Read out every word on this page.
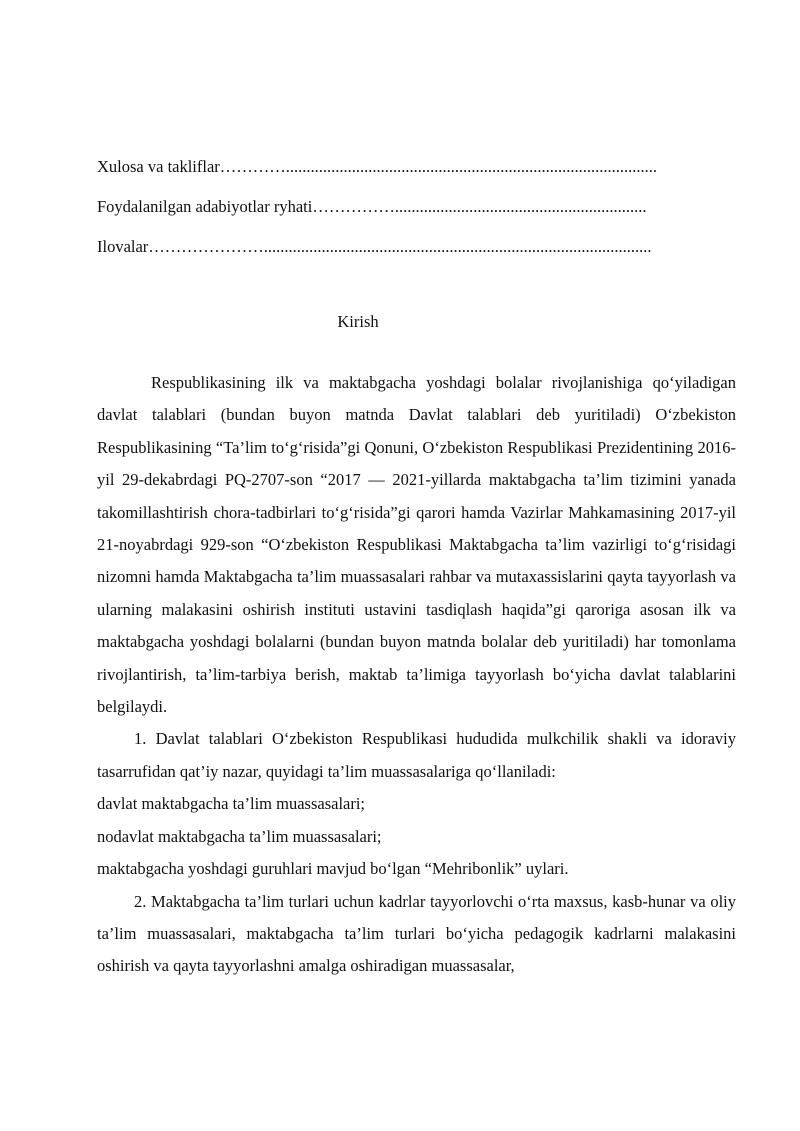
Xulosa va takliflar…………..........................................................................................
Foydalanilgan adabiyotlar ryhati…………….............................................................
Ilovalar…………………..............................................................................................
Kirish

Respublikasining ilk va maktabgacha yoshdagi bolalar rivojlanishiga qo‘yiladigan davlat talablari (bundan buyon matnda Davlat talablari deb yuritiladi) O‘zbekiston Respublikasining “Ta’lim to‘g‘risida”gi Qonuni, O‘zbekiston Respublikasi Prezidentining 2016-yil 29-dekabrdagi PQ-2707-son “2017 — 2021-yillarda maktabgacha ta’lim tizimini yanada takomillashtirish chora-tadbirlari to‘g‘risida”gi qarori hamda Vazirlar Mahkamasining 2017-yil 21-noyabrdagi 929-son “O‘zbekiston Respublikasi Maktabgacha ta’lim vazirligi to‘g‘risidagi nizomni hamda Maktabgacha ta’lim muassasalari rahbar va mutaxassislarini qayta tayyorlash va ularning malakasini oshirish instituti ustavini tasdiqlash haqida”gi qaroriga asosan ilk va maktabgacha yoshdagi bolalarni (bundan buyon matnda bolalar deb yuritiladi) har tomonlama rivojlantirish, ta’lim-tarbiya berish, maktab ta’limiga tayyorlash bo‘yicha davlat talablarini belgilaydi.

1. Davlat talablari O‘zbekiston Respublikasi hududida mulkchilik shakli va idoraviy tasarrufidan qat’iy nazar, quyidagi ta’lim muassasalariga qo‘llaniladi:

davlat maktabgacha ta’lim muassasalari;

nodavlat maktabgacha ta’lim muassasalari;

maktabgacha yoshdagi guruhlari mavjud bo‘lgan “Mehribonlik” uylari.

2. Maktabgacha ta’lim turlari uchun kadrlar tayyorlovchi o‘rta maxsus, kasb-hunar va oliy ta’lim muassasalari, maktabgacha ta’lim turlari bo‘yicha pedagogik kadrlarni malakasini oshirish va qayta tayyorlashni amalga oshiradigan muassasalar,
